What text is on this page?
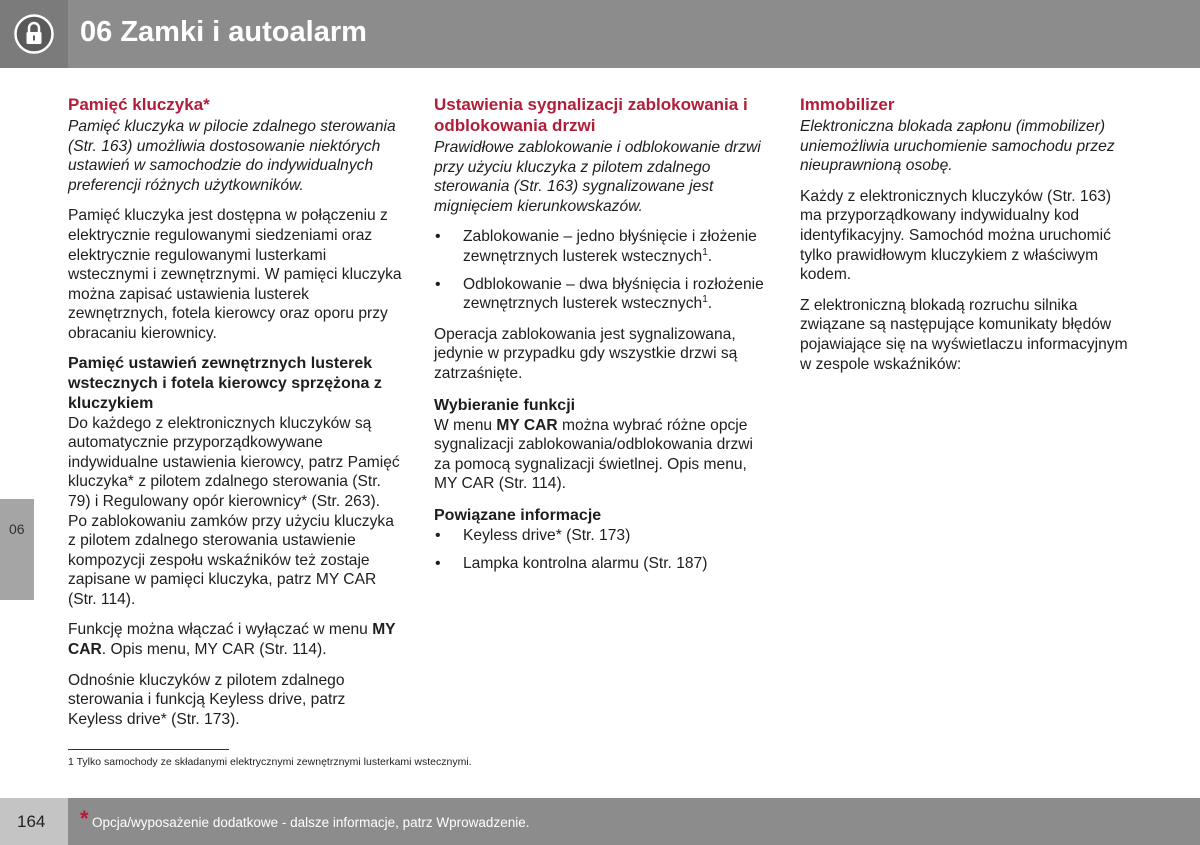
06 Zamki i autoalarm
06
Pamięć kluczyka*

Pamięć kluczyka w pilocie zdalnego sterowania (Str. 163) umożliwia dostosowanie niektórych ustawień w samochodzie do indywidualnych preferencji różnych użytkowników.

Pamięć kluczyka jest dostępna w połączeniu z elektrycznie regulowanymi siedzeniami oraz elektrycznie regulowanymi lusterkami wstecznymi i zewnętrznymi. W pamięci kluczyka można zapisać ustawienia lusterek zewnętrznych, fotela kierowcy oraz oporu przy obracaniu kierownicy.

Pamięć ustawień zewnętrznych lusterek wstecznych i fotela kierowcy sprzężona z kluczykiem

Do każdego z elektronicznych kluczyków są automatycznie przyporządkowywane indywidualne ustawienia kierowcy, patrz Pamięć kluczyka* z pilotem zdalnego sterowania (Str. 79) i Regulowany opór kierownicy* (Str. 263). Po zablokowaniu zamków przy użyciu kluczyka z pilotem zdalnego sterowania ustawienie kompozycji zespołu wskaźników też zostaje zapisane w pamięci kluczyka, patrz MY CAR (Str. 114).

Funkcję można włączać i wyłączać w menu MY CAR. Opis menu, MY CAR (Str. 114).

Odnośnie kluczyków z pilotem zdalnego sterowania i funkcją Keyless drive, patrz Keyless drive* (Str. 173).

Ustawienia sygnalizacji zablokowania i odblokowania drzwi

Prawidłowe zablokowanie i odblokowanie drzwi przy użyciu kluczyka z pilotem zdalnego sterowania (Str. 163) sygnalizowane jest mignięciem kierunkowskazów.

• Zablokowanie – jedno błyśnięcie i złożenie zewnętrznych lusterek wstecznych$^1$.
• Odblokowanie – dwa błyśnięcia i rozłożenie zewnętrznych lusterek wstecznych$^1$.

Operacja zablokowania jest sygnalizowana, jedynie w przypadku gdy wszystkie drzwi są zatrzaśnięte.

Wybieranie funkcji

W menu MY CAR można wybrać różne opcje sygnalizacji zablokowania/odblokowania drzwi za pomocą sygnalizacji świetlnej. Opis menu, MY CAR (Str. 114).

Powiązane informacje
• Keyless drive* (Str. 173)
• Lampka kontrolna alarmu (Str. 187)
Immobilizer

Elektroniczna blokada zapłonu (immobilizer) uniemożliwia uruchomienie samochodu przez nieuprawnioną osobę.

Każdy z elektronicznych kluczyków (Str. 163) ma przyporządkowany indywidualny kod identyfikacyjny. Samochód można uruchomić tylko prawidłowym kluczykiem z właściwym kodem.

Z elektroniczną blokadą rozruchu silnika związane są następujące komunikaty błędów pojawiające się na wyświetlaczu informacyjnym w zespole wskaźników:

1 Tylko samochody ze składanymi elektrycznymi zewnętrznymi lusterkami wstecznymi.
164 * Opcja/wyposażenie dodatkowe - dalsze informacje, patrz Wprowadzenie.
